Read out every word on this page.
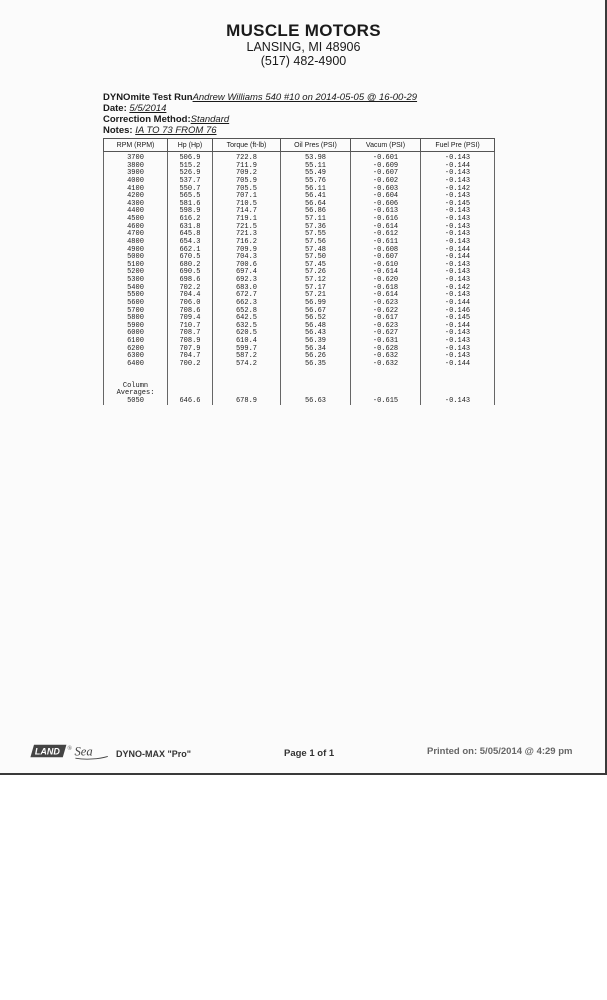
MUSCLE MOTORS
LANSING, MI 48906
(517) 482-4900
DYNOmite Test RunAndrew Williams 540 #10 on 2014-05-05 @ 16-00-29
Date: 5/5/2014
Correction Method:Standard
Notes: IA TO 73 FROM 76
RPM (RPM)	Hp (Hp)	Torque (ft-lb)	Oil Pres (PSI)	Vacum (PSI)	Fuel Pre (PSI)
3700	506.9	722.8	53.98	-0.601	-0.143
3800	515.2	711.9	55.11	-0.609	-0.144
3900	526.9	709.2	55.49	-0.607	-0.143
4000	537.7	705.9	55.76	-0.602	-0.143
4100	550.7	705.5	56.11	-0.603	-0.142
4200	565.5	707.1	56.41	-0.604	-0.143
4300	581.6	710.5	56.64	-0.606	-0.145
4400	598.9	714.7	56.86	-0.613	-0.143
4500	616.2	719.1	57.11	-0.616	-0.143
4600	631.8	721.5	57.36	-0.614	-0.143
4700	645.8	721.3	57.55	-0.612	-0.143
4800	654.3	716.2	57.56	-0.611	-0.143
4900	662.1	709.9	57.48	-0.608	-0.144
5000	670.5	704.3	57.50	-0.607	-0.144
5100	680.2	700.6	57.45	-0.610	-0.143
5200	690.5	697.4	57.26	-0.614	-0.143
5300	698.6	692.3	57.12	-0.620	-0.143
5400	702.2	683.0	57.17	-0.618	-0.142
5500	704.4	672.7	57.21	-0.614	-0.143
5600	706.0	662.3	56.99	-0.623	-0.144
5700	708.6	652.8	56.67	-0.622	-0.146
5800	709.4	642.5	56.52	-0.617	-0.145
5900	710.7	632.5	56.48	-0.623	-0.144
6000	708.7	620.5	56.43	-0.627	-0.143
6100	708.9	610.4	56.39	-0.631	-0.143
6200	707.9	599.7	56.34	-0.628	-0.143
6300	704.7	587.2	56.26	-0.632	-0.143
6400	700.2	574.2	56.35	-0.632	-0.144

Column
Averages:
5050	646.6	678.9	56.63	-0.615	-0.143
LAND ® Sea	DYNO-MAX "Pro"	Page 1 of 1	Printed on: 5/05/2014 @ 4:29 pm
